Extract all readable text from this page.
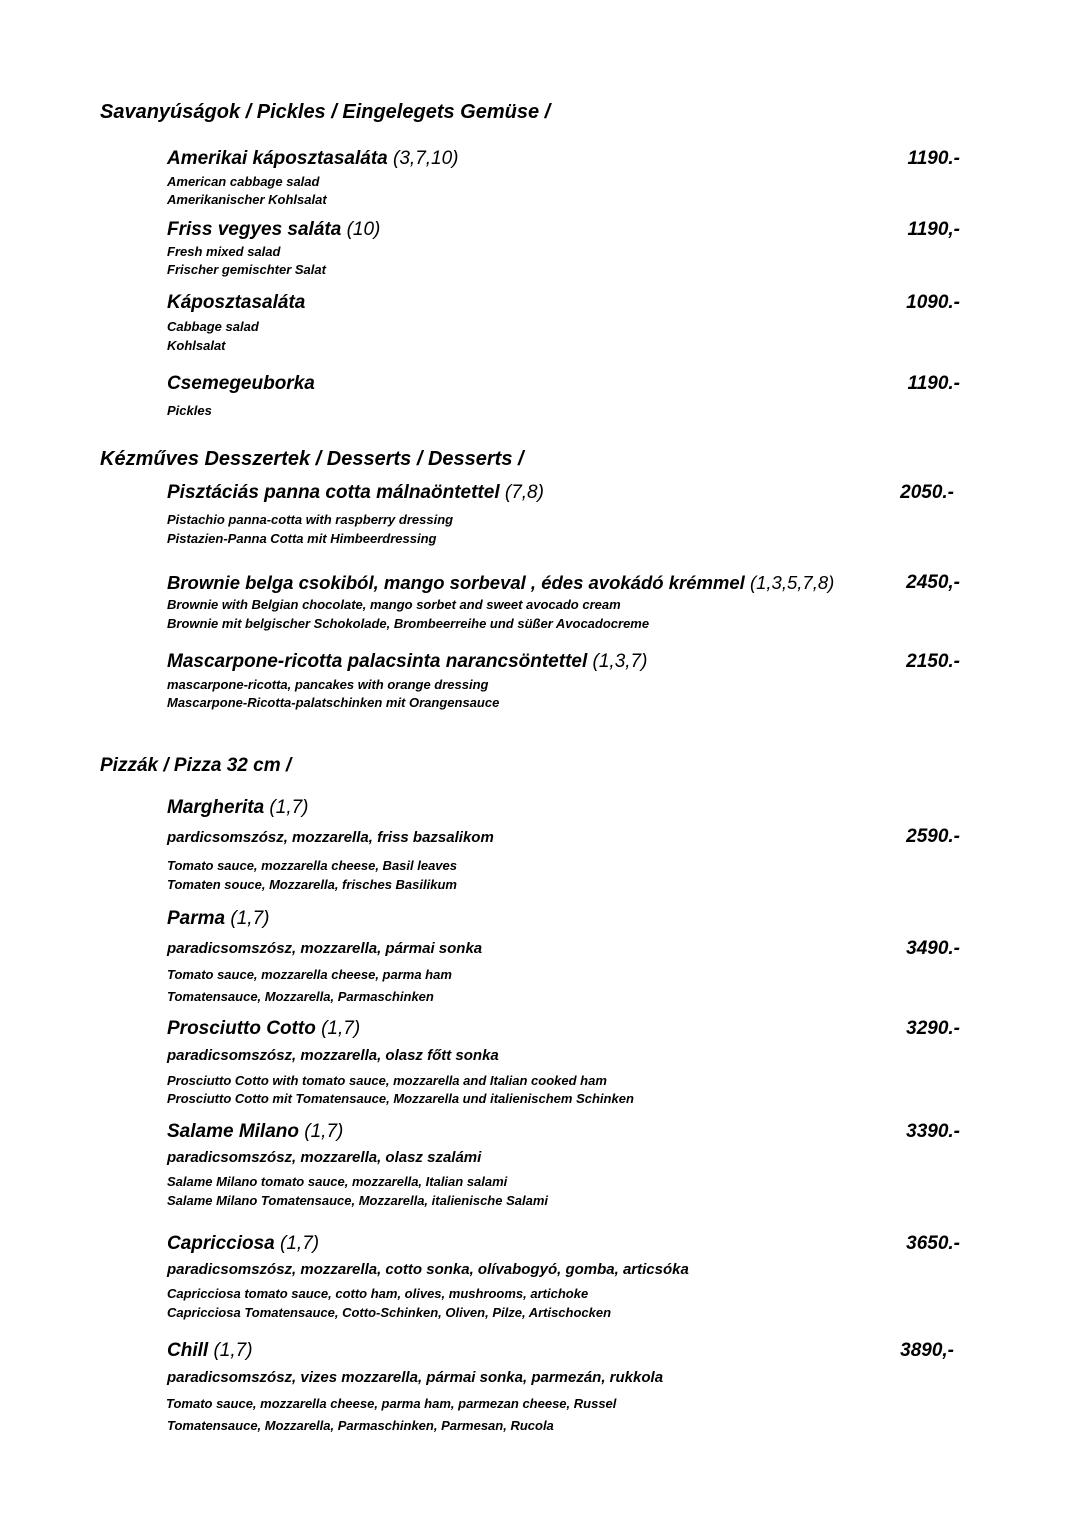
Savanyúságok / Pickles / Eingelegets Gemüse /
Amerikai káposztasaláta (3,7,10)	1190.-
American cabbage salad
Amerikanischer Kohlsalat
Friss vegyes saláta (10)	1190,-
Fresh mixed salad
Frischer gemischter Salat
Káposztasaláta	1090.-
Cabbage salad
Kohlsalat
Csemegeuborka	1190.-
Pickles
Kézműves Desszertek / Desserts / Desserts /
Pisztáciás panna cotta málnaöntettel (7,8)	2050.-
Pistachio panna-cotta with raspberry dressing
Pistazien-Panna Cotta mit Himbeerdressing
Brownie belga csokiból, mango sorbeval , édes avokádó krémmel (1,3,5,7,8)	2450,-
Brownie with Belgian chocolate, mango sorbet and sweet avocado cream
Brownie mit belgischer Schokolade, Brombeerreihe und süßer Avocadocreme
Mascarpone-ricotta palacsinta narancsöntettel (1,3,7)	2150.-
mascarpone-ricotta, pancakes with orange dressing
Mascarpone-Ricotta-palatschinken mit Orangensauce
Pizzák / Pizza 32 cm /
Margherita (1,7)
pardicsomszósz, mozzarella, friss bazsalikom	2590.-
Tomato sauce, mozzarella cheese, Basil leaves
Tomaten souce, Mozzarella, frisches Basilikum
Parma (1,7)
paradicsomszósz, mozzarella, pármai sonka	3490.-
Tomato sauce, mozzarella cheese, parma ham
Tomatensauce, Mozzarella, Parmaschinken
Prosciutto Cotto (1,7)	3290.-
paradicsomszósz, mozzarella, olasz főtt sonka
Prosciutto Cotto with tomato sauce, mozzarella and Italian cooked ham
Prosciutto Cotto mit Tomatensauce, Mozzarella und italienischem Schinken
Salame Milano (1,7)	3390.-
paradicsomszósz, mozzarella, olasz szalámi
Salame Milano tomato sauce, mozzarella, Italian salami
Salame Milano Tomatensauce, Mozzarella, italienische Salami
Capricciosa (1,7)	3650.-
paradicsomszósz, mozzarella, cotto sonka, olívabogyó, gomba, articsóka
Capricciosa tomato sauce, cotto ham, olives, mushrooms, artichoke
Capricciosa Tomatensauce, Cotto-Schinken, Oliven, Pilze, Artischocken
Chill (1,7)	3890,-
paradicsomszósz, vizes mozzarella, pármai sonka, parmezán, rukkola
Tomato sauce, mozzarella cheese, parma ham, parmezan cheese, Russel
Tomatensauce, Mozzarella, Parmaschinken, Parmesan, Rucola
